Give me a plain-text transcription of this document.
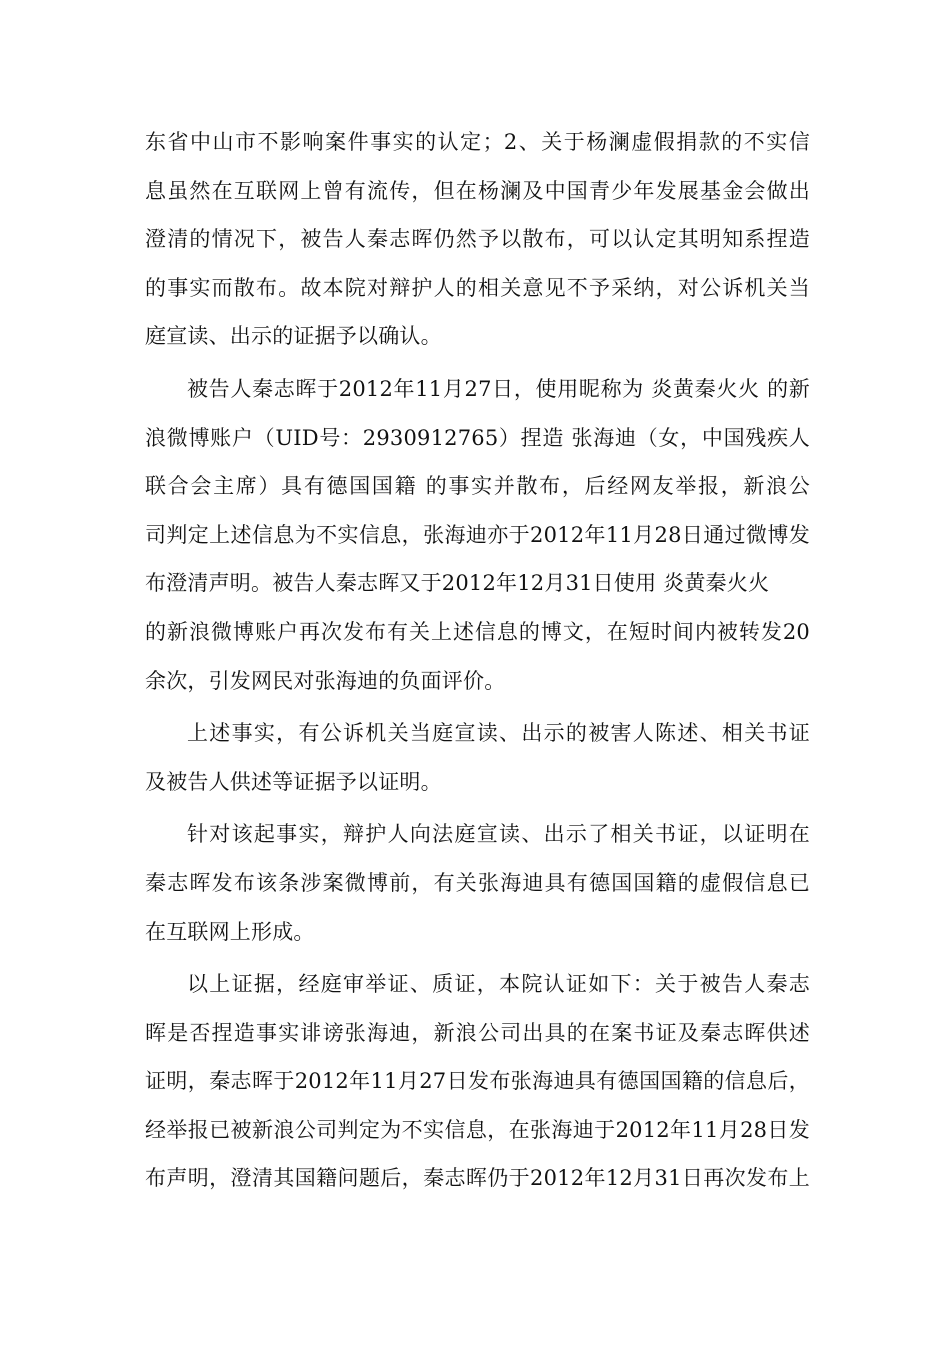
东省中山市不影响案件事实的认定；2、关于杨澜虚假捐款的不实信
息虽然在互联网上曾有流传，但在杨澜及中国青少年发展基金会做出
澄清的情况下，被告人秦志晖仍然予以散布，可以认定其明知系捏造
的事实而散布。故本院对辩护人的相关意见不予采纳，对公诉机关当
庭宣读、出示的证据予以确认。

被告人秦志晖于2012年11月27日，使用昵称为 炎黄秦火火 的新
浪微博账户（UID号：2930912765）捏造 张海迪（女，中国残疾人
联合会主席）具有德国国籍 的事实并散布，后经网友举报，新浪公
司判定上述信息为不实信息，张海迪亦于2012年11月28日通过微博发
布澄清声明。被告人秦志晖又于2012年12月31日使用 炎黄秦火火
的新浪微博账户再次发布有关上述信息的博文，在短时间内被转发20
余次，引发网民对张海迪的负面评价。

上述事实，有公诉机关当庭宣读、出示的被害人陈述、相关书证
及被告人供述等证据予以证明。

针对该起事实，辩护人向法庭宣读、出示了相关书证，以证明在
秦志晖发布该条涉案微博前，有关张海迪具有德国国籍的虚假信息已
在互联网上形成。

以上证据，经庭审举证、质证，本院认证如下：关于被告人秦志
晖是否捏造事实诽谤张海迪，新浪公司出具的在案书证及秦志晖供述
证明，秦志晖于2012年11月27日发布张海迪具有德国国籍的信息后，
经举报已被新浪公司判定为不实信息，在张海迪于2012年11月28日发
布声明，澄清其国籍问题后，秦志晖仍于2012年12月31日再次发布上
